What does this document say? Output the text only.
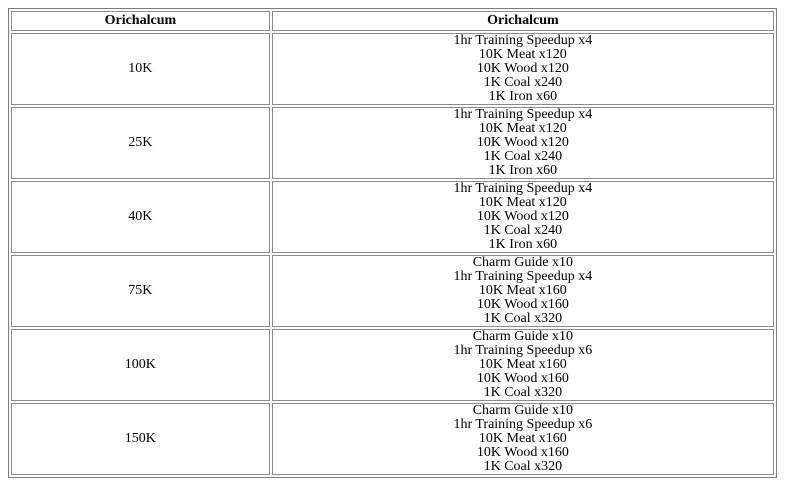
Orichalcum	Orichalcum
10K	1hr Training Speedup x4
10K Meat x120
10K Wood x120
1K Coal x240
1K Iron x60

25K	1hr Training Speedup x4
10K Meat x120
10K Wood x120
1K Coal x240
1K Iron x60

40K	1hr Training Speedup x4
10K Meat x120
10K Wood x120
1K Coal x240
1K Iron x60

75K	Charm Guide x10
1hr Training Speedup x4
10K Meat x160
10K Wood x160
1K Coal x320

100K	Charm Guide x10
1hr Training Speedup x6
10K Meat x160
10K Wood x160
1K Coal x320

150K	Charm Guide x10
1hr Training Speedup x6
10K Meat x160
10K Wood x160
1K Coal x320
